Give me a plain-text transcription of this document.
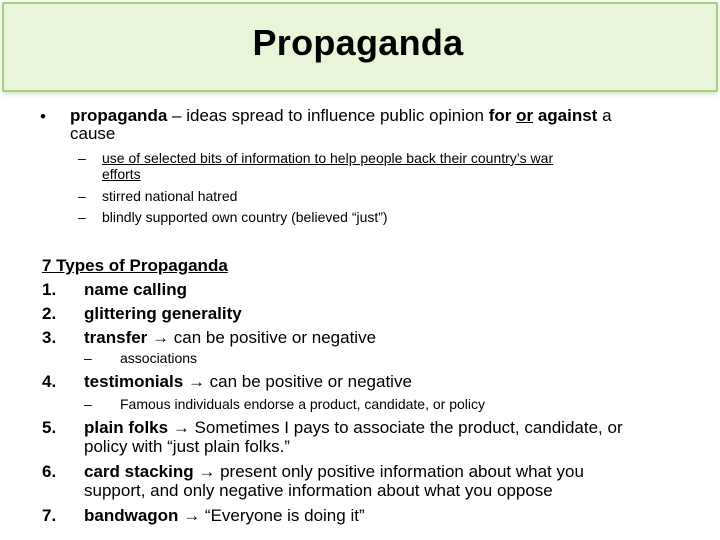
Propaganda
• propaganda – ideas spread to influence public opinion for or against a
cause
– use of selected bits of information to help people back their country’s war
efforts
– stirred national hatred
– blindly supported own country (believed “just”)
7 Types of Propaganda
1. name calling
2. glittering generality
3. transfer → can be positive or negative
– associations
4. testimonials → can be positive or negative
– Famous individuals endorse a product, candidate, or policy
5. plain folks → Sometimes I pays to associate the product, candidate, or
policy with “just plain folks.”
6. card stacking → present only positive information about what you
support, and only negative information about what you oppose
7. bandwagon → “Everyone is doing it”
